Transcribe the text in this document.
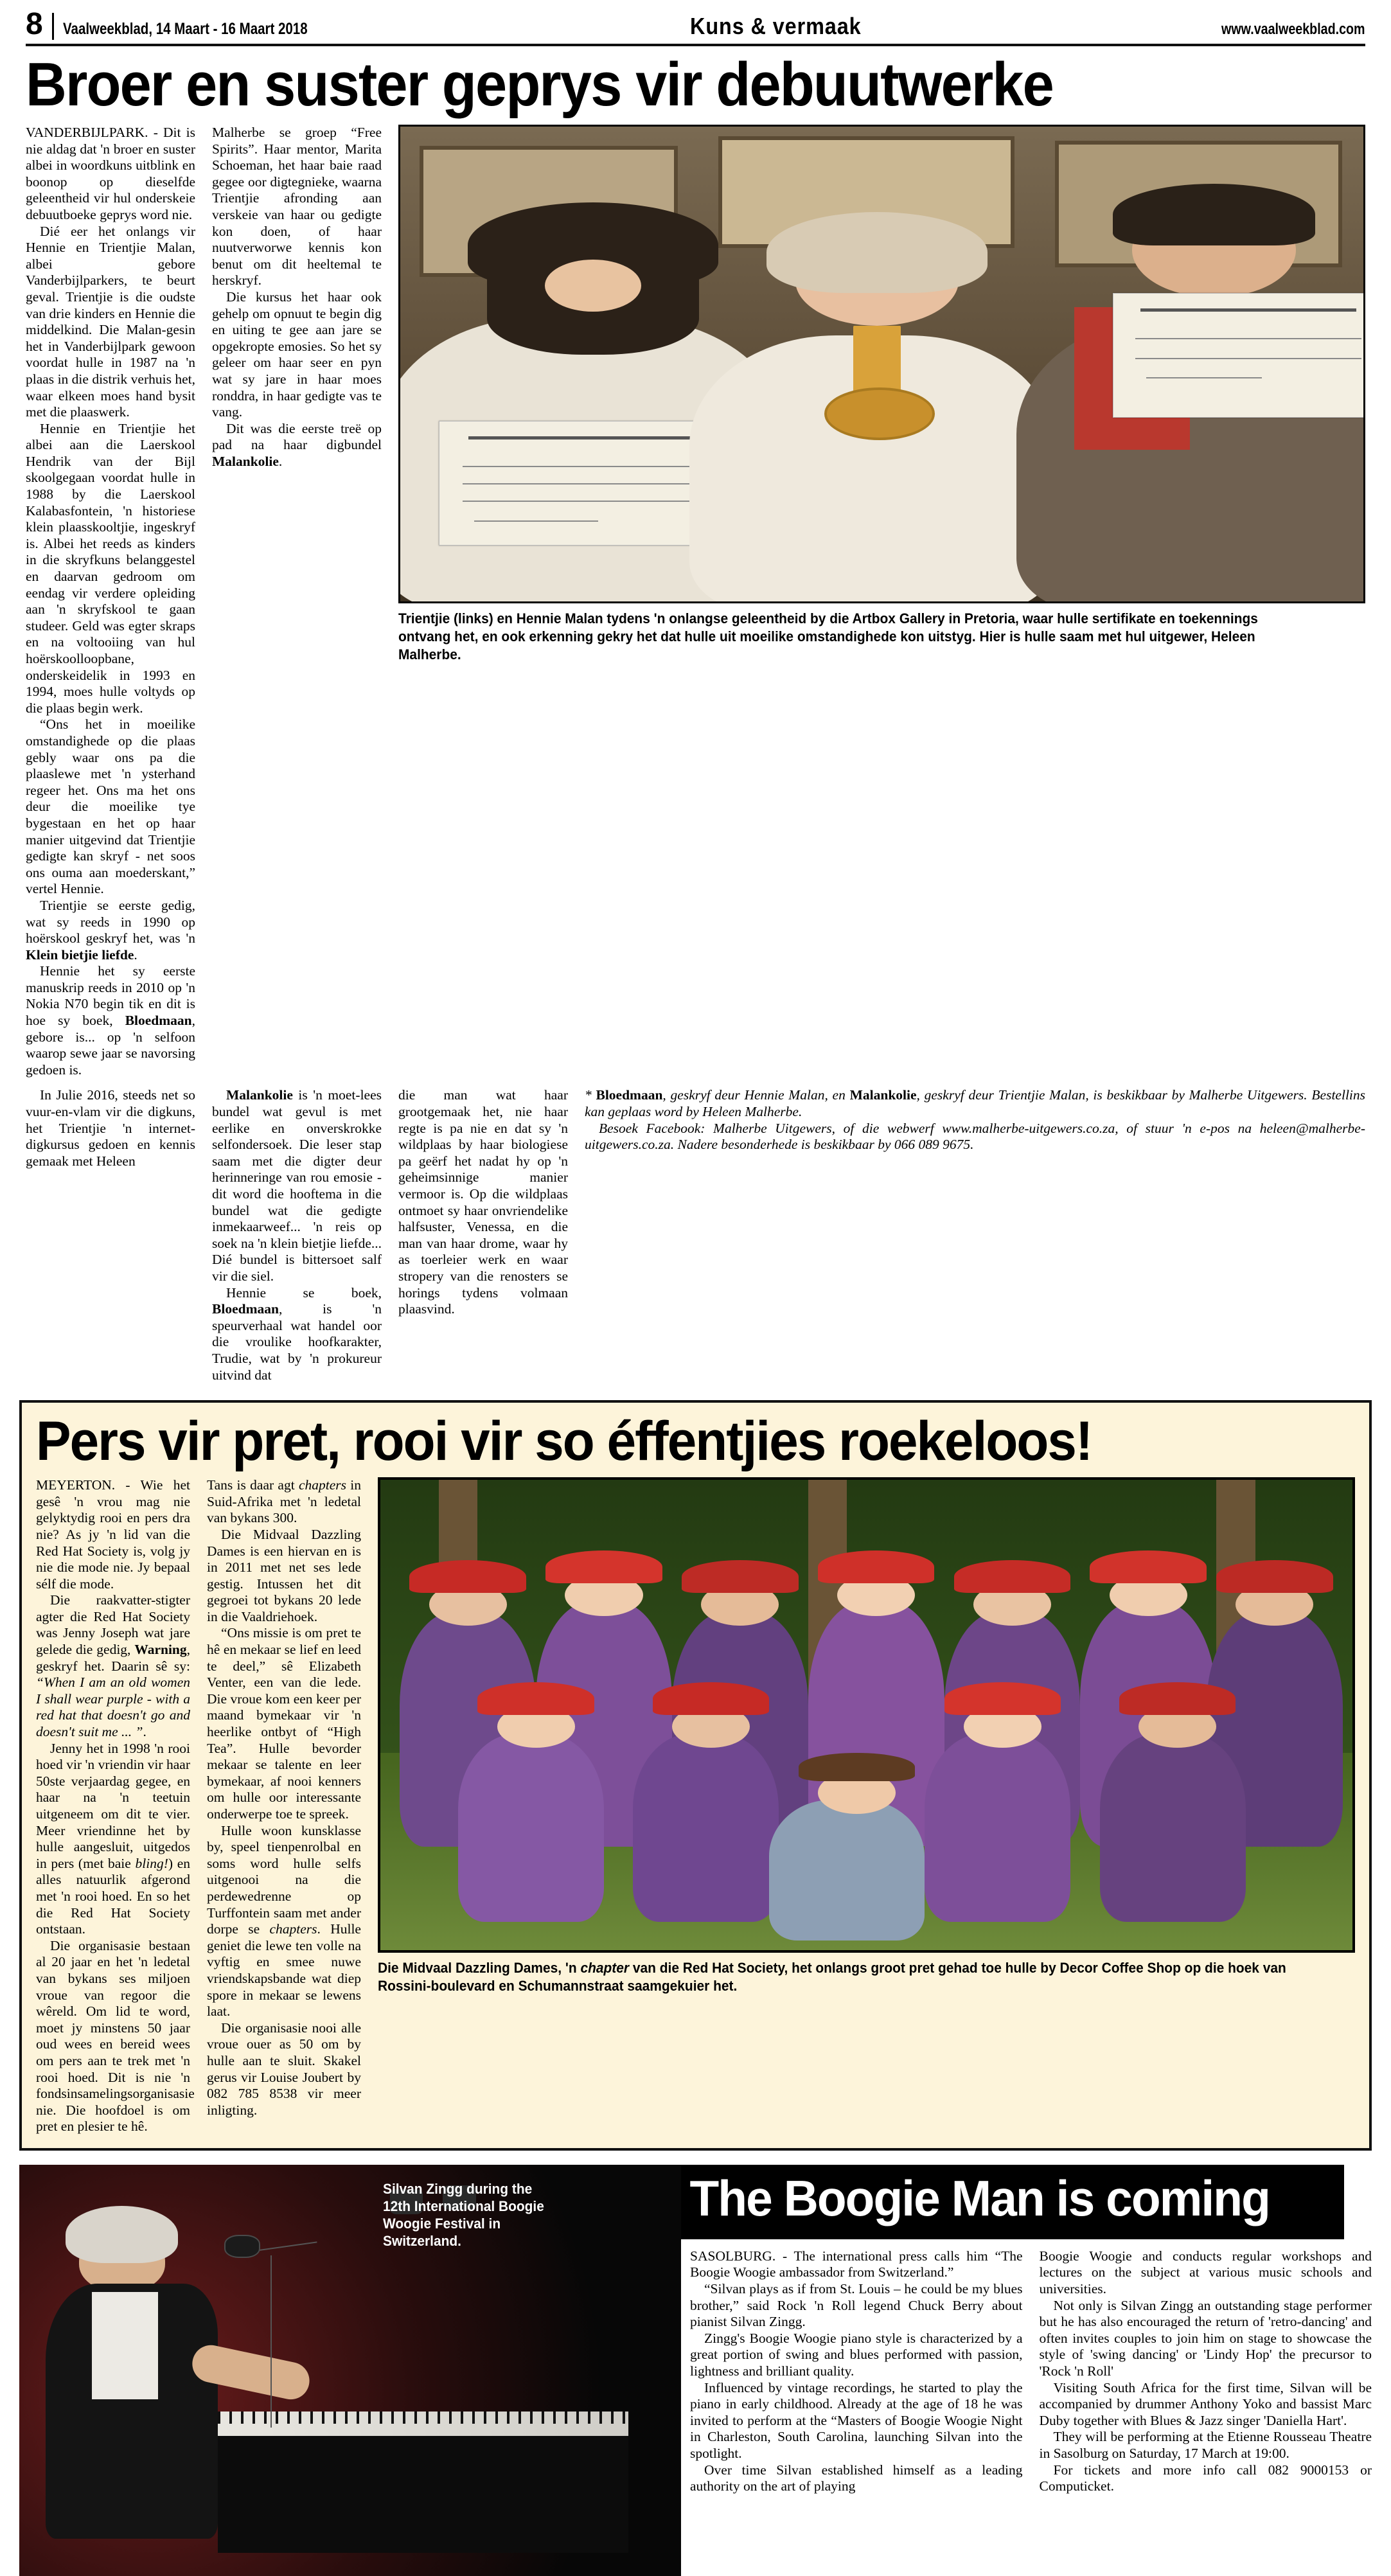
8	Vaalweekblad, 14 Maart - 16 Maart 2018	Kuns & vermaak	www.vaalweekblad.com
Broer en suster geprys vir debuutwerke

VANDERBIJLPARK. - Dit is nie aldag dat 'n broer en suster albei in woordkuns uitblink en boonop op dieselfde geleentheid vir hul onderskeie debuutboeke geprys word nie.

Dié eer het onlangs vir Hennie en Trientjie Malan, albei gebore Vanderbijlparkers, te beurt geval. Trientjie is die oudste van drie kinders en Hennie die middelkind. Die Malan-gesin het in Vanderbijlpark gewoon voordat hulle in 1987 na 'n plaas in die distrik verhuis het, waar elkeen moes hand bysit met die plaaswerk.

Hennie en Trientjie het albei aan die Laerskool Hendrik van der Bijl skoolgegaan voordat hulle in 1988 by die Laerskool Kalabasfontein, 'n historiese klein plaasskooltjie, ingeskryf is. Albei het reeds as kinders in die skryfkuns belanggestel en daarvan gedroom om eendag vir verdere opleiding aan 'n skryfskool te gaan studeer. Geld was egter skraps en na voltooiing van hul hoërskoolloopbane, onderskeidelik in 1993 en 1994, moes hulle voltyds op die plaas begin werk.

“Ons het in moeilike omstandighede op die plaas gebly waar ons pa die plaaslewe met 'n ysterhand regeer het. Ons ma het ons deur die moeilike tye bygestaan en het op haar manier uitgevind dat Trientjie gedigte kan skryf - net soos ons ouma aan moederskant,” vertel Hennie.

Trientjie se eerste gedig, wat sy reeds in 1990 op hoërskool geskryf het, was 'n Klein bietjie liefde.

Hennie het sy eerste manuskrip reeds in 2010 op 'n Nokia N70 begin tik en dit is hoe sy boek, Bloedmaan, gebore is... op 'n selfoon waarop sewe jaar se navorsing gedoen is.

Malherbe se groep “Free Spirits”. Haar mentor, Marita Schoeman, het haar baie raad gegee oor digtegnieke, waarna Trientjie afronding aan verskeie van haar ou gedigte kon doen, of haar nuutverworwe kennis kon benut om dit heeltemal te herskryf.

Die kursus het haar ook gehelp om opnuut te begin dig en uiting te gee aan jare se opgekropte emosies. So het sy geleer om haar seer en pyn wat sy jare in haar moes ronddra, in haar gedigte vas te vang.

Dit was die eerste treë op pad na haar digbundel Malankolie.

Trientjie (links) en Hennie Malan tydens 'n onlangse geleentheid by die Artbox Gallery in Pretoria, waar hulle sertifikate en toekennings ontvang het, en ook erkenning gekry het dat hulle uit moeilike omstandighede kon uitstyg. Hier is hulle saam met hul uitgewer, Heleen Malherbe.

In Julie 2016, steeds net so vuur-en-vlam vir die digkuns, het Trientjie 'n internet-digkursus gedoen en kennis gemaak met Heleen

Malankolie is 'n moet-lees bundel wat gevul is met eerlike en onverskrokke selfondersoek. Die leser stap saam met die digter deur herinneringe van rou emosie - dit word die hooftema in die bundel wat die gedigte inmekaarweef... 'n reis op soek na 'n klein bietjie liefde... Dié bundel is bittersoet salf vir die siel.

Hennie se boek, Bloedmaan, is 'n speurverhaal wat handel oor die vroulike hoofkarakter, Trudie, wat by 'n prokureur uitvind dat

die man wat haar grootgemaak het, nie haar regte is pa nie en dat sy 'n wildplaas by haar biologiese pa geërf het nadat hy op 'n geheimsinnige manier vermoor is. Op die wildplaas ontmoet sy haar onvriendelike halfsuster, Venessa, en die man van haar drome, waar hy as toerleier werk en waar stropery van die renosters se horings tydens volmaan plaasvind.

* Bloedmaan, geskryf deur Hennie Malan, en Malankolie, geskryf deur Trientjie Malan, is beskikbaar by Malherbe Uitgewers. Bestellins kan geplaas word by Heleen Malherbe.

Besoek Facebook: Malherbe Uitgewers, of die webwerf www.malherbe-uitgewers.co.za, of stuur 'n e-pos na heleen@malherbe-uitgewers.co.za. Nadere besonderhede is beskikbaar by 066 089 9675.

Pers vir pret, rooi vir so éffentjies roekeloos!

MEYERTON. - Wie het gesê 'n vrou mag nie gelyktydig rooi en pers dra nie? As jy 'n lid van die Red Hat Society is, volg jy nie die mode nie. Jy bepaal sélf die mode.

Die raakvatter-stigter agter die Red Hat Society was Jenny Joseph wat jare gelede die gedig, Warning, geskryf het. Daarin sê sy: “When I am an old women I shall wear purple - with a red hat that doesn't go and doesn't suit me ... ”.

Jenny het in 1998 'n rooi hoed vir 'n vriendin vir haar 50ste verjaardag gegee, en haar na 'n teetuin uitgeneem om dit te vier. Meer vriendinne het by hulle aangesluit, uitgedos in pers (met baie bling!) en alles natuurlik afgerond met 'n rooi hoed. En so het die Red Hat Society ontstaan.

Die organisasie bestaan al 20 jaar en het 'n ledetal van bykans ses miljoen vroue van regoor die wêreld. Om lid te word, moet jy minstens 50 jaar oud wees en bereid wees om pers aan te trek met 'n rooi hoed. Dit is nie 'n fondsinsamelingsorganisasie nie. Die hoofdoel is om pret en plesier te hê.

Tans is daar agt chapters in Suid-Afrika met 'n ledetal van bykans 300.

Die Midvaal Dazzling Dames is een hiervan en is in 2011 met net ses lede gestig. Intussen het dit gegroei tot bykans 20 lede in die Vaaldriehoek.

“Ons missie is om pret te hê en mekaar se lief en leed te deel,” sê Elizabeth Venter, een van die lede. Die vroue kom een keer per maand bymekaar vir 'n heerlike ontbyt of “High Tea”. Hulle bevorder mekaar se talente en leer bymekaar, af nooi kenners om hulle oor interessante onderwerpe toe te spreek.

Hulle woon kunsklasse by, speel tienpenrolbal en soms word hulle selfs uitgenooi na die perdewedrenne op Turffontein saam met ander dorpe se chapters. Hulle geniet die lewe ten volle na vyftig en smee nuwe vriendskapsbande wat diep spore in mekaar se lewens laat.

Die organisasie nooi alle vroue ouer as 50 om by hulle aan te sluit. Skakel gerus vir Louise Joubert by 082 785 8538 vir meer inligting.

Die Midvaal Dazzling Dames, 'n chapter van die Red Hat Society, het onlangs groot pret gehad toe hulle by Decor Coffee Shop op die hoek van Rossini-boulevard en Schumannstraat saamgekuier het.
Silvan Zingg during the 12th International Boogie Woogie Festival in Switzerland.
The Boogie Man is coming

SASOLBURG. - The international press calls him “The Boogie Woogie ambassador from Switzerland.”

“Silvan plays as if from St. Louis – he could be my blues brother,” said Rock 'n Roll legend Chuck Berry about pianist Silvan Zingg.

Zingg's Boogie Woogie piano style is characterized by a great portion of swing and blues performed with passion, lightness and brilliant quality.

Influenced by vintage recordings, he started to play the piano in early childhood. Already at the age of 18 he was invited to perform at the “Masters of Boogie Woogie Night in Charleston, South Carolina, launching Silvan into the spotlight.

Over time Silvan established himself as a leading authority on the art of playing

Boogie Woogie and conducts regular workshops and lectures on the subject at various music schools and universities.

Not only is Silvan Zingg an outstanding stage performer but he has also encouraged the return of 'retro-dancing' and often invites couples to join him on stage to showcase the style of 'swing dancing' or 'Lindy Hop' the precursor to 'Rock 'n Roll'

Visiting South Africa for the first time, Silvan will be accompanied by drummer Anthony Yoko and bassist Marc Duby together with Blues & Jazz singer 'Daniella Hart'.

They will be performing at the Etienne Rousseau Theatre in Sasolburg on Saturday, 17 March at 19:00.

For tickets and more info call 082 9000153 or Computicket.
